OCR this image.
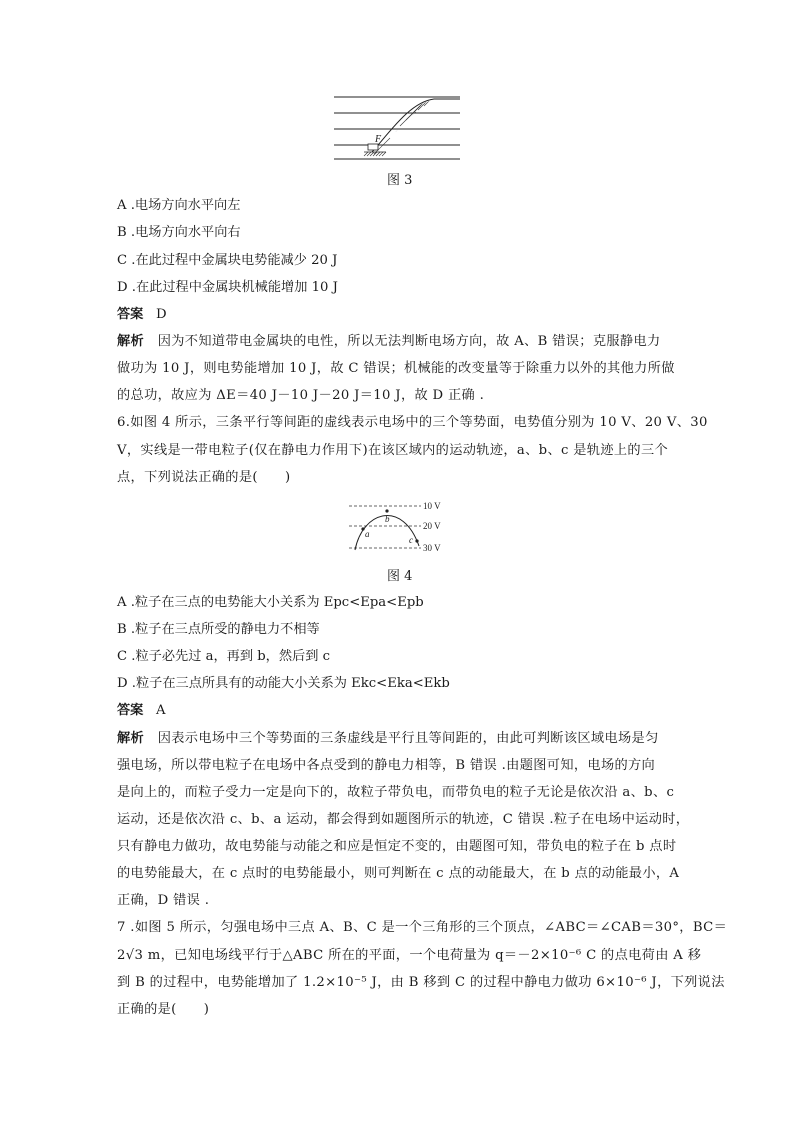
F
图 3
A .电场方向水平向左
B .电场方向水平向右
C .在此过程中金属块电势能减少 20 J
D .在此过程中金属块机械能增加 10 J
答案 D
解析 因为不知道带电金属块的电性，所以无法判断电场方向，故 A、B 错误；克服静电力
做功为 10 J，则电势能增加 10 J，故 C 错误；机械能的改变量等于除重力以外的其他力所做
的总功，故应为 ΔE＝40 J－10 J－20 J＝10 J，故 D 正确 .
6.如图 4 所示，三条平行等间距的虚线表示电场中的三个等势面，电势值分别为 10 V、20 V、30
V，实线是一带电粒子(仅在静电力作用下)在该区域内的运动轨迹，a、b、c 是轨迹上的三个
点，下列说法正确的是(　　)
a
b
c
10 V
20 V
30 V
图 4
A .粒子在三点的电势能大小关系为 Epc<Epa<Epb
B .粒子在三点所受的静电力不相等
C .粒子必先过 a，再到 b，然后到 c
D .粒子在三点所具有的动能大小关系为 Ekc<Eka<Ekb
答案 A
解析 因表示电场中三个等势面的三条虚线是平行且等间距的，由此可判断该区域电场是匀
强电场，所以带电粒子在电场中各点受到的静电力相等，B 错误 .由题图可知，电场的方向
是向上的，而粒子受力一定是向下的，故粒子带负电，而带负电的粒子无论是依次沿 a、b、c
运动，还是依次沿 c、b、a 运动，都会得到如题图所示的轨迹，C 错误 .粒子在电场中运动时，
只有静电力做功，故电势能与动能之和应是恒定不变的，由题图可知，带负电的粒子在 b 点时
的电势能最大，在 c 点时的电势能最小，则可判断在 c 点的动能最大，在 b 点的动能最小，A
正确，D 错误 .
7 .如图 5 所示，匀强电场中三点 A、B、C 是一个三角形的三个顶点，∠ABC＝∠CAB＝30°，BC＝
2√3 m，已知电场线平行于△ABC 所在的平面，一个电荷量为 q＝－2×10⁻⁶ C 的点电荷由 A 移
到 B 的过程中，电势能增加了 1.2×10⁻⁵ J，由 B 移到 C 的过程中静电力做功 6×10⁻⁶ J，下列说法
正确的是(　　)
